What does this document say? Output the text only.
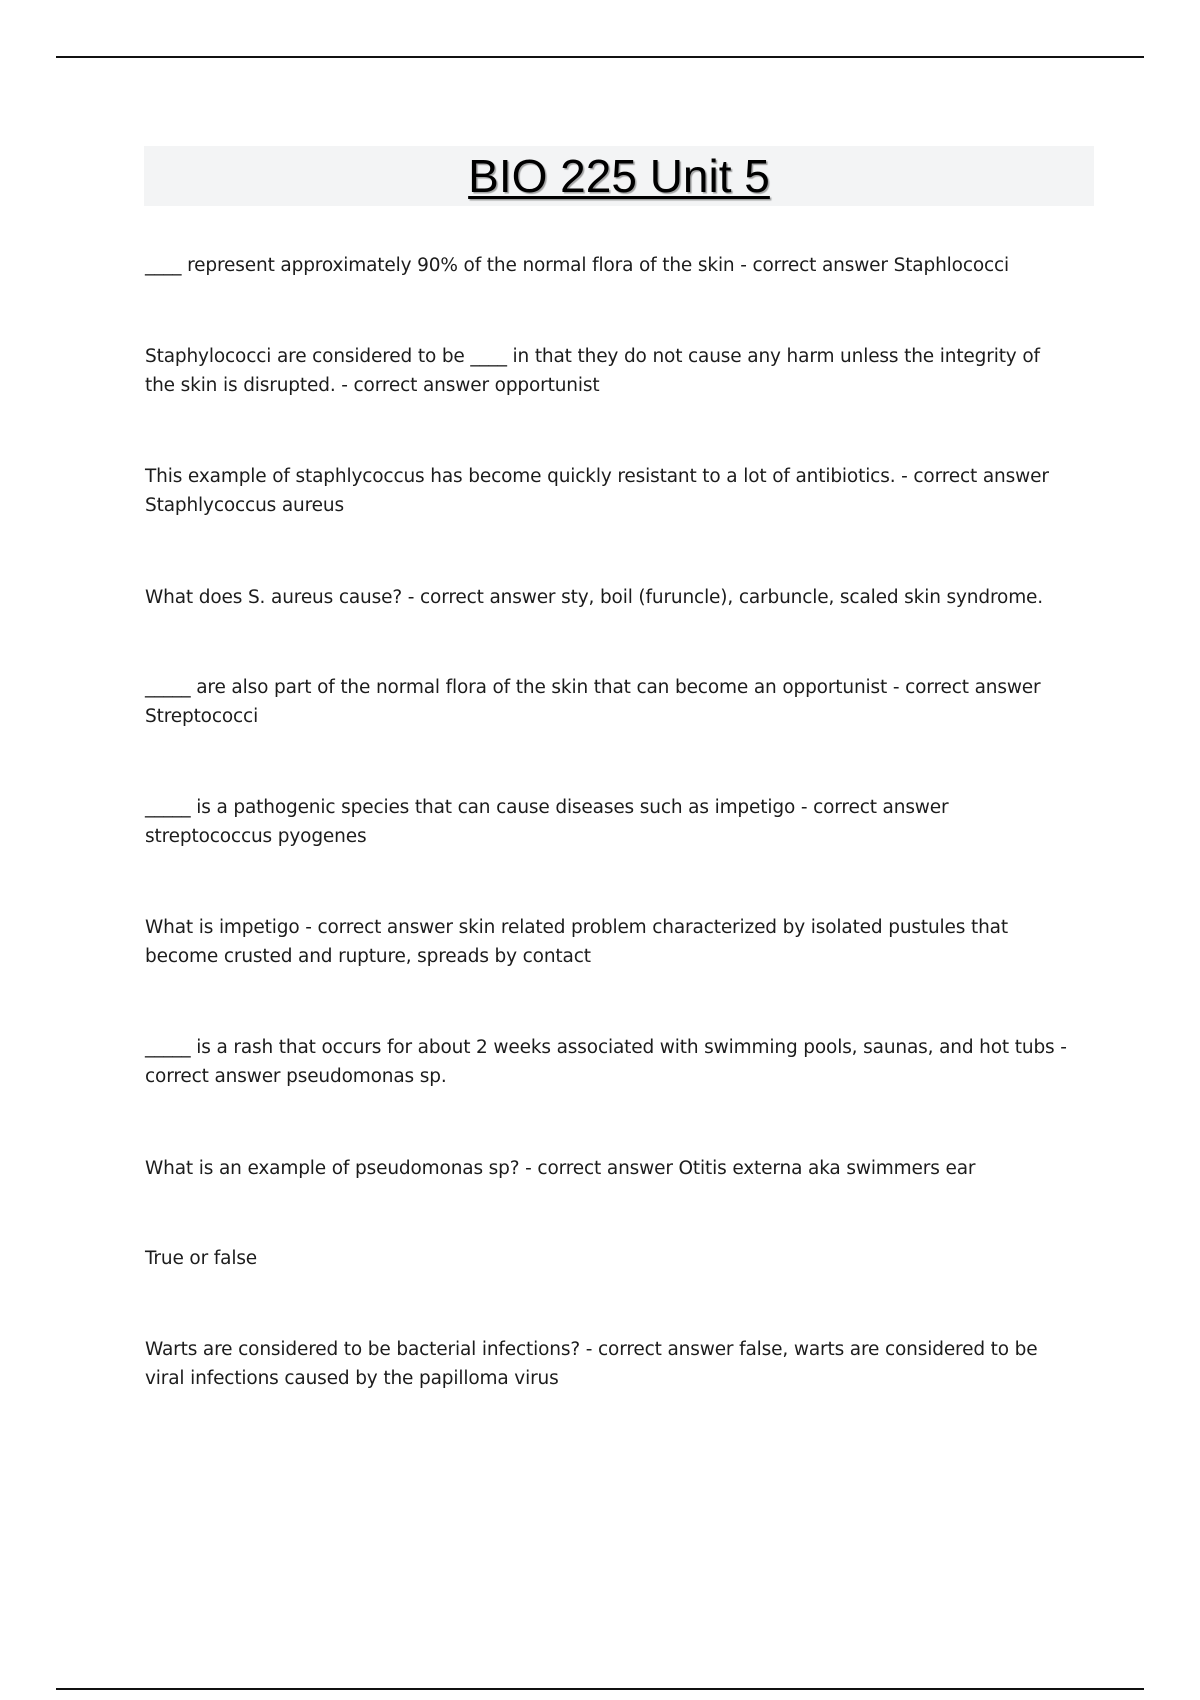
BIO 225 Unit 5

____ represent approximately 90% of the normal flora of the skin - correct answer Staphlococci

Staphylococci are considered to be ____ in that they do not cause any harm unless the integrity of the skin is disrupted. - correct answer opportunist

This example of staphlycoccus has become quickly resistant to a lot of antibiotics. - correct answer Staphlycoccus aureus

What does S. aureus cause? - correct answer sty, boil (furuncle), carbuncle, scaled skin syndrome.

_____ are also part of the normal flora of the skin that can become an opportunist - correct answer Streptococci

_____ is a pathogenic species that can cause diseases such as impetigo - correct answer streptococcus pyogenes

What is impetigo - correct answer skin related problem characterized by isolated pustules that become crusted and rupture, spreads by contact

_____ is a rash that occurs for about 2 weeks associated with swimming pools, saunas, and hot tubs - correct answer pseudomonas sp.

What is an example of pseudomonas sp? - correct answer Otitis externa aka swimmers ear

True or false

Warts are considered to be bacterial infections? - correct answer false, warts are considered to be viral infections caused by the papilloma virus
